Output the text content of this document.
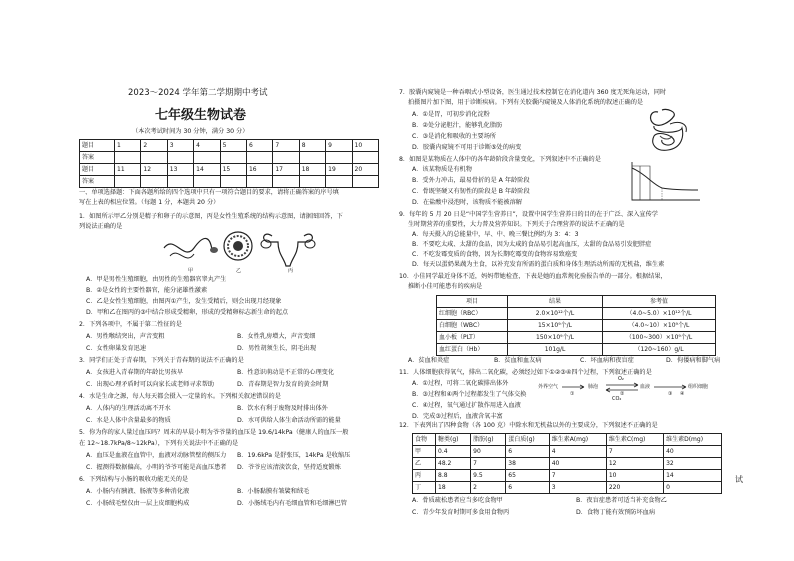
2023～2024 学年第二学期期中考试
七年级生物试卷
（本次考试时间为 30 分钟，满分 30 分）
题目	1	2	3	4	5	6	7	8	9	10
答案										
题目	11	12	13	14	15	16	17	18	19	20
答案										
一、单项选择题：下面各题所给的四个选项中只有一项符合题目的要求，请将正确答案的序号填
写在上表的相应位置。（每题 1 分，本题共 20 分）
1．如图所示甲乙分别是精子和卵子的示意图，丙是女性生殖系统的结构示意图，请据图回答，下
列说法正确的是
甲	乙	丙
A．甲是男性生殖细胞，由男性的生殖器官睾丸产生
B．②是女性的主要性器官，能分泌雄性激素
C．乙是女性生殖细胞，由图丙①产生，发生受精后，则会出现月经现象
D．甲和乙在图丙的③中结合形成受精卵，形成的受精卵标志新生命的起点
2．下列各项中，不属于第二性征的是
A．男性喉结突出，声音变粗	B．女性乳房增大，声音变细
C．女性卵巢发育迅速	D．男性胡须生长，阴毛出现
3．同学们正处于青春期，下列关于青春期的说法不正确的是
A．女孩进入青春期的年龄比男孩早	B．性意识萌动是不正常的心理变化
C．出现心理矛盾时可以向家长或老师寻求帮助	D．青春期是智力发育的黄金时期
4．水是生命之源，每人每天都会摄入一定量的水。下列相关叙述错误的是
A．人体内的生理活动离不开水	B．饮水有利于废物及时排出体外
C．水是人体中含量最多的物质	D．水可供给人体生命活动所需的能量
5．你为你的家人量过血压吗？周末的早晨小明为爷爷量的血压是 19.6/14kPa（健康人的血压一般
在 12~18.7kPa/8~12kPa），下列有关说法中不正确的是
A．血压是血液在血管中，血液对动脉管壁的侧压力 B．19.6kPa 是舒张压，14kPa 是收缩压
C．握测得数据偏高，小明的爷爷可能是高血压患者 D．爷爷应该清淡饮食，坚持适度锻炼
6．下列结构与小肠的吸收功能无关的是
A．小肠内有胰液、肠液等多种消化液	B．小肠黏膜有皱襞和绒毛
C．小肠绒毛壁仅由一层上皮细胞构成	D．小肠绒毛内有毛细血管和毛细淋巴管
7．胶囊内窥镜是一种吞咽式小型设备，医生通过技术控制它在消化道内 360 度无死角运动，同时
拍摄图片加下图，用于诊断疾病。下列有关胶囊内窥镜及人体消化系统的叙述正确的是
A．①是胃，可初步消化淀粉
B．②处分泌胆汁，能够乳化脂肪
C．③是消化和吸收的主要场所
D．胶囊内窥镜不可用于诊断⑤处的病变
8．如图是某物质在人体中的各年龄阶段含量变化，下列叙述中不正确的是
A．该某物质是有机物
B．受外力冲击，最易骨折的是 A 年龄阶段
C．骨既坚硬又有韧性的阶段是 B 年龄阶段
D．在盐酸中浸泡时，该物质不能被溶解
9．每年的 5 月 20 日是“中国学生营养日”，设置中国学生营养日的目的在于广泛、深入宣传学
生时期营养的重要性，大力普及营养知识。下列关于合理营养的说法不正确的是
A．每天摄入的总能量中，早、中、晚三餐比例约为 3：4：3
B．不要吃太咸、太甜的食品，因为太咸的食品易引起高血压，太甜的食品易引发肥胖症
C．不吃发霉变质的食物，因为长期吃霉变的食物容易致癌变
D．每天以蛋奶果蔬为主食，以补充发育所需的蛋白质和身体生理活动所需的无机盐，维生素
10．小佳同学最近身体不适，妈妈带她检查，下表是她的血常规化验报告单的一部分。根据结果，
推断小佳可能患有的疾病是
项目	结果	参考值
红细胞（RBC）	2.0×10¹²个/L	（4.0~5.0）×10¹²个/L
白细胞（WBC）	15×10⁹个/L	（4.0~10）×10⁹个/L
血小板（PLT）	150×10⁹个/L	（100~300）×10⁹个/L
血红蛋白（Hb）	101g/L	（120~160）g/L
A．贫血和炎症	B．贫血和血友病	C．坏血病和夜盲症	D．佝偻病和脚气病
11．人体细胞获得氧气，排出二氧化碳，必须经过如下①②③④四个过程，下列叙述正确的是
A．①过程，可将二氧化碳排出体外
B．③过程和④两个过程都发生了气体交换
C．④过程，氧气通过扩散作用进入血液
D．完成③过程后，血液含氧丰富
外界空气	肺泡	血液	组织细胞
①	②	③ ④
O₂
CO₂
12．下表列出了四种食物（各 100 克）中除水和无机盐以外的主要成分，下列叙述不正确的是
食物	糖类(g)	脂肪(g)	蛋白质(g)	维生素A(mg)	维生素C(mg)	维生素D(mg)
甲	0.4	90	6	4	7	40
乙	48.2	7	38	40	12	32
丙	8.8	9.5	65	7	10	14
丁	18	2	6	3	220	0
A．骨质疏松患者应当多吃食物甲	B．夜盲症患者可适当补充食物乙
C．青少年发育时期可多食用食物丙	D．食物丁能有效预防坏血病
试
